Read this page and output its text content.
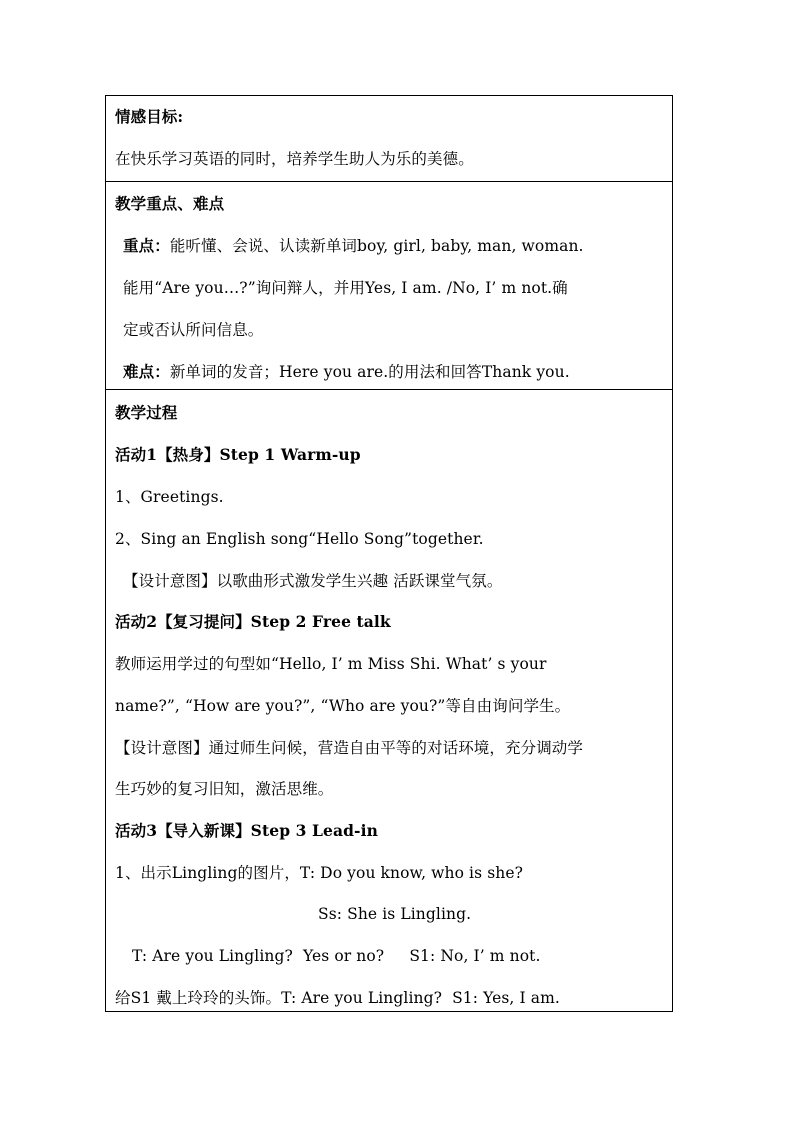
情感目标:
在快乐学习英语的同时，培养学生助人为乐的美德。
教学重点、难点
重点：能听懂、会说、认读新单词boy, girl, baby, man, woman.
能用“Are you…?”询问辩人，并用Yes, I am. /No, I’ m not.确
定或否认所问信息。
难点：新单词的发音；Here you are.的用法和回答Thank you.
教学过程
活动1【热身】Step 1 Warm-up
1、Greetings.
2、Sing an English song“Hello Song”together.
【设计意图】以歌曲形式激发学生兴趣 活跃课堂气氛。
活动2【复习提问】Step 2 Free talk
教师运用学过的句型如“Hello, I’ m Miss Shi. What’ s your
name?”, “How are you?”, “Who are you?”等自由询问学生。
【设计意图】通过师生问候，营造自由平等的对话环境，充分调动学
生巧妙的复习旧知，激活思维。
活动3【导入新课】Step 3 Lead-in
1、出示Lingling的图片，T: Do you know, who is she?
Ss: She is Lingling.
T: Are you Lingling?  Yes or no?     S1: No, I’ m not.
给S1 戴上玲玲的头饰。T: Are you Lingling?  S1: Yes, I am.
